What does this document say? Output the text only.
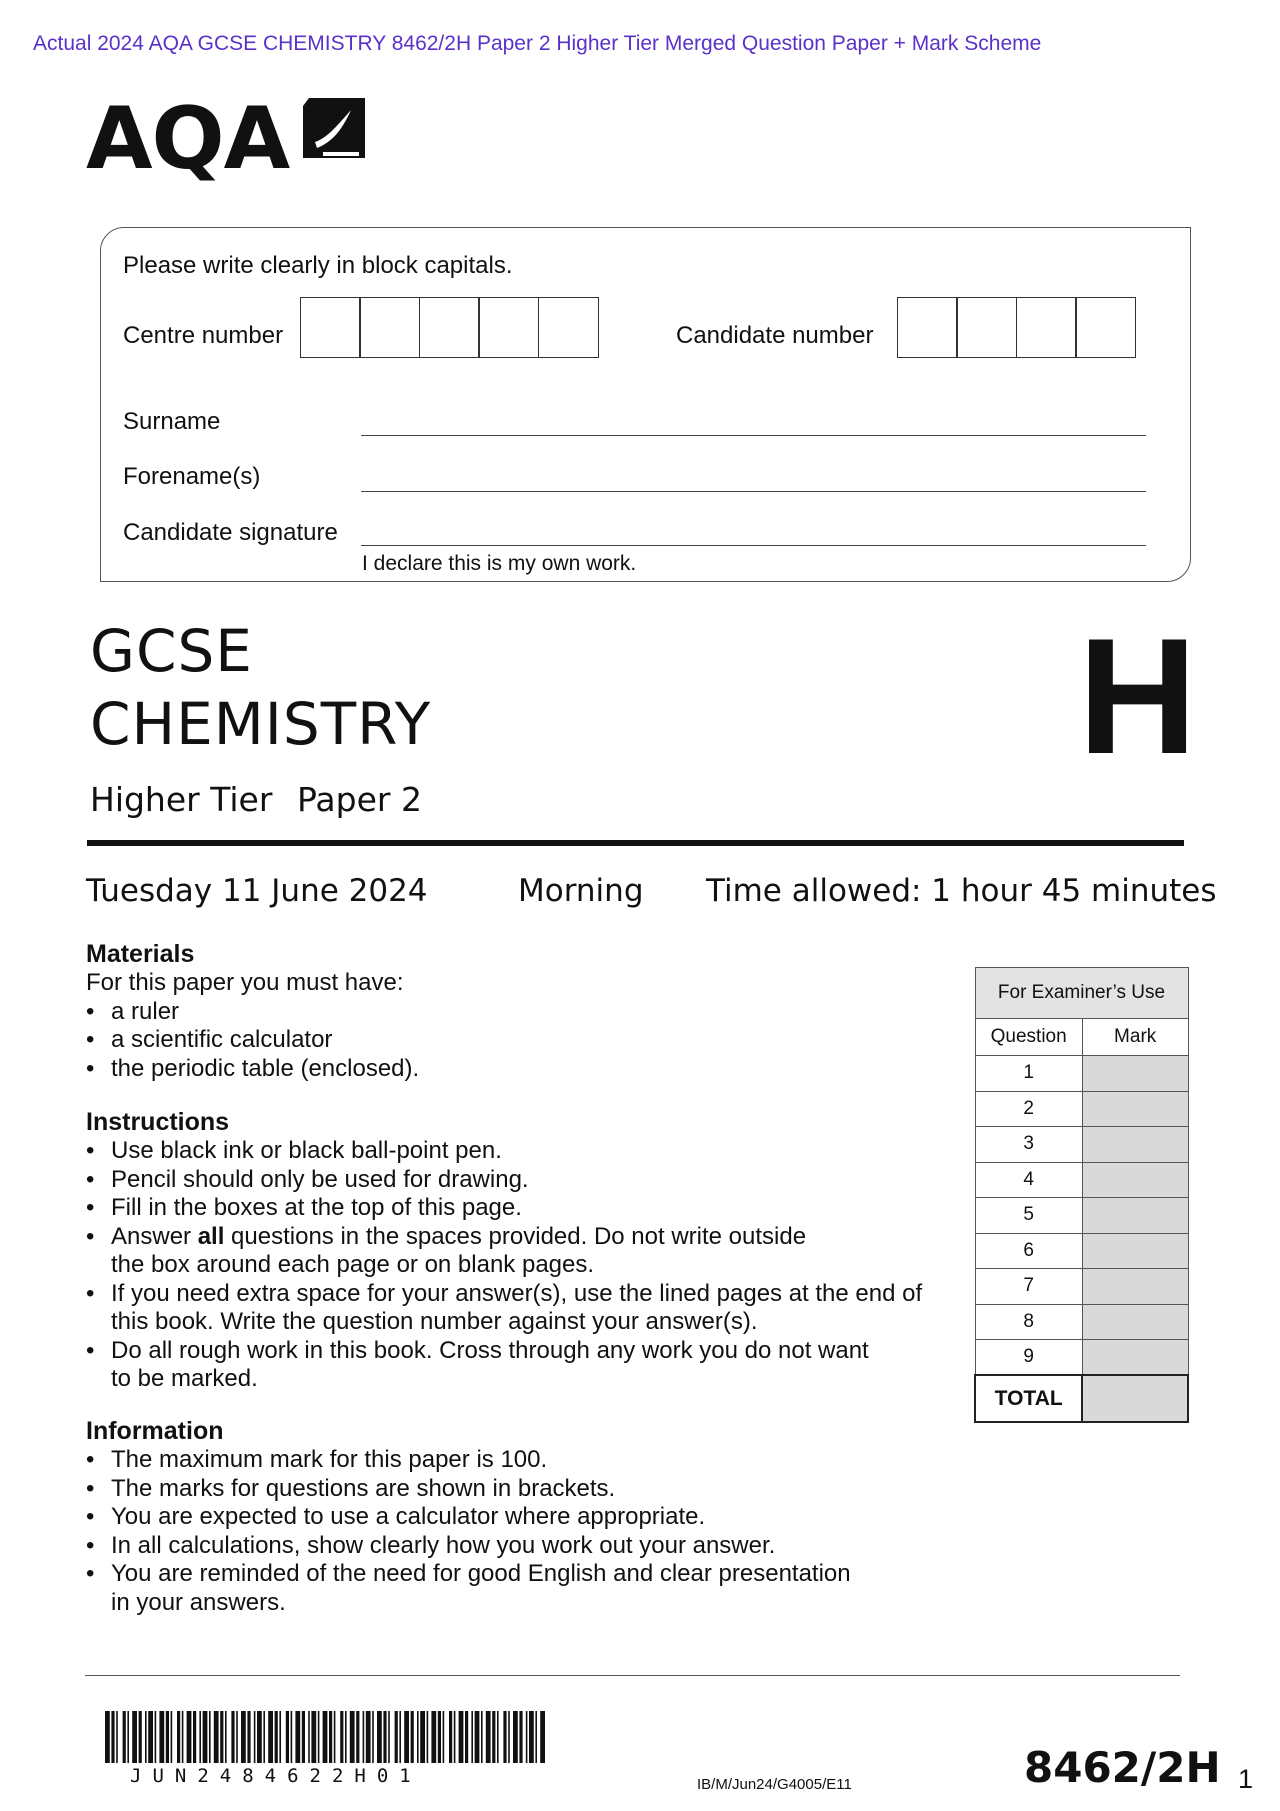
Actual 2024 AQA GCSE CHEMISTRY 8462/2H Paper 2 Higher Tier Merged Question Paper + Mark Scheme
AQA
Please write clearly in block capitals.
Centre number	Candidate number
Surname
Forename(s)
Candidate signature
I declare this is my own work.
GCSE
CHEMISTRY
Higher Tier Paper 2
H
Tuesday 11 June 2024	Morning Time allowed: 1 hour 45 minutes
Materials
For this paper you must have:
• a ruler
• a scientific calculator
• the periodic table (enclosed).
Instructions
• Use black ink or black ball-point pen.
• Pencil should only be used for drawing.
• Fill in the boxes at the top of this page.
• Answer all questions in the spaces provided. Do not write outside
the box around each page or on blank pages.
• If you need extra space for your answer(s), use the lined pages at the end of
this book. Write the question number against your answer(s).
• Do all rough work in this book. Cross through any work you do not want
to be marked.
Information
• The maximum mark for this paper is 100.
• The marks for questions are shown in brackets.
• You are expected to use a calculator where appropriate.
• In all calculations, show clearly how you work out your answer.
• You are reminded of the need for good English and clear presentation
in your answers.
For Examiner’s Use	
Question	Mark
1	
2	
3	
4	
5	
6	
7	
8	
9	
TOTAL	
JUN2484622H01	IB/M/Jun24/G4005/E11	8462/2H 1
